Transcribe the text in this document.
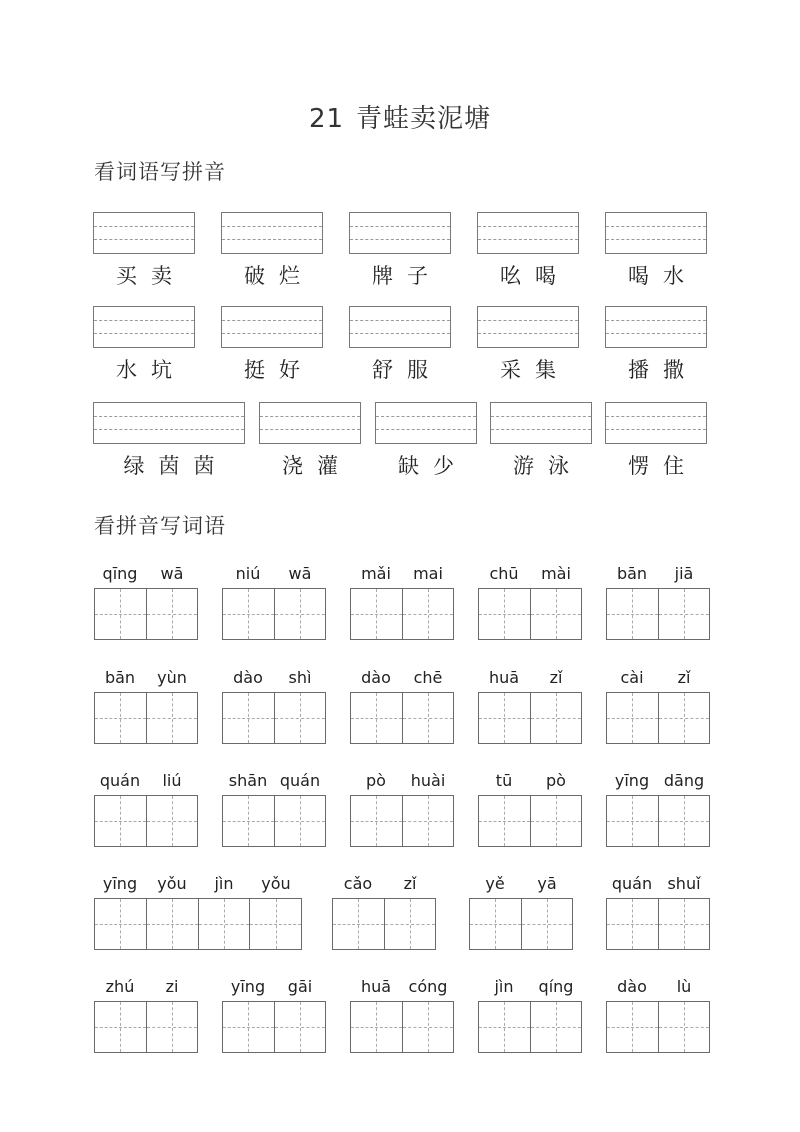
21 青蛙卖泥塘
看词语写拼音
买卖	破烂	牌子	吆喝	喝水
水坑	挺好	舒服	采集	播撒
绿茵茵	浇灌	缺少	游泳	愣住
看拼音写词语
qīng wā	niú wā	mǎi mai	chū mài	bān jiā
bān yùn	dào shì	dào chē	huā zǐ	cài zǐ
quán liú	shān quán	pò huài	tū pò	yīng dāng
yīng yǒu jìn yǒu	cǎo zǐ	yě yā	quán shuǐ
zhú zi	yīng gāi	huā cóng	jìn qíng	dào lù
